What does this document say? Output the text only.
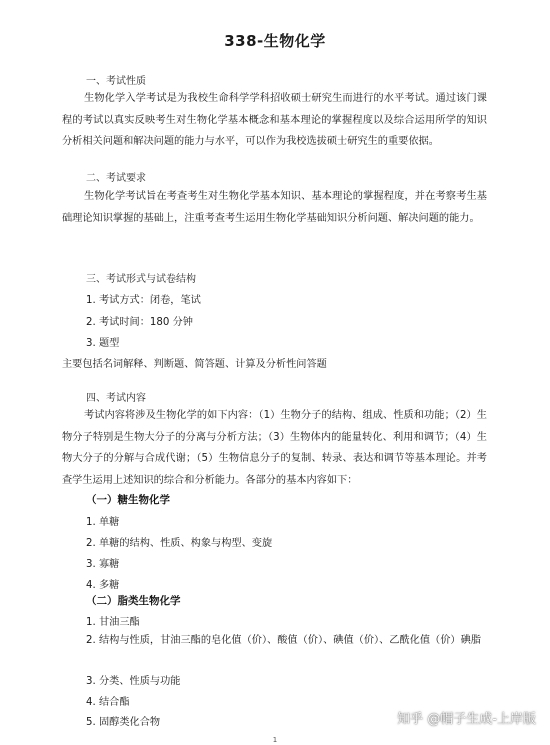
338-生物化学
一、考试性质
生物化学入学考试是为我校生命科学学科招收硕士研究生而进行的水平考试。通过该门课程的考试以真实反映考生对生物化学基本概念和基本理论的掌握程度以及综合运用所学的知识分析相关问题和解决问题的能力与水平，可以作为我校选拔硕士研究生的重要依据。
二、考试要求
生物化学考试旨在考查考生对生物化学基本知识、基本理论的掌握程度，并在考察考生基础理论知识掌握的基础上，注重考查考生运用生物化学基础知识分析问题、解决问题的能力。
三、考试形式与试卷结构
1. 考试方式：闭卷，笔试
2. 考试时间：180 分钟
3. 题型
主要包括名词解释、判断题、简答题、计算及分析性问答题
四、考试内容
考试内容将涉及生物化学的如下内容：（1）生物分子的结构、组成、性质和功能；（2）生物分子特别是生物大分子的分离与分析方法；（3）生物体内的能量转化、利用和调节；（4）生物大分子的分解与合成代谢；（5）生物信息分子的复制、转录、表达和调节等基本理论。并考查学生运用上述知识的综合和分析能力。各部分的基本内容如下：
（一）糖生物化学
1. 单糖
2. 单糖的结构、性质、构象与构型、变旋
3. 寡糖
4. 多糖
（二）脂类生物化学
1. 甘油三酯
2. 结构与性质，甘油三酯的皂化值（价）、酸值（价）、碘值（价）、乙酰化值（价）碘脂
3. 分类、性质与功能
4. 结合酯
5. 固醇类化合物
1
知乎 @帽子生成-上岸版
